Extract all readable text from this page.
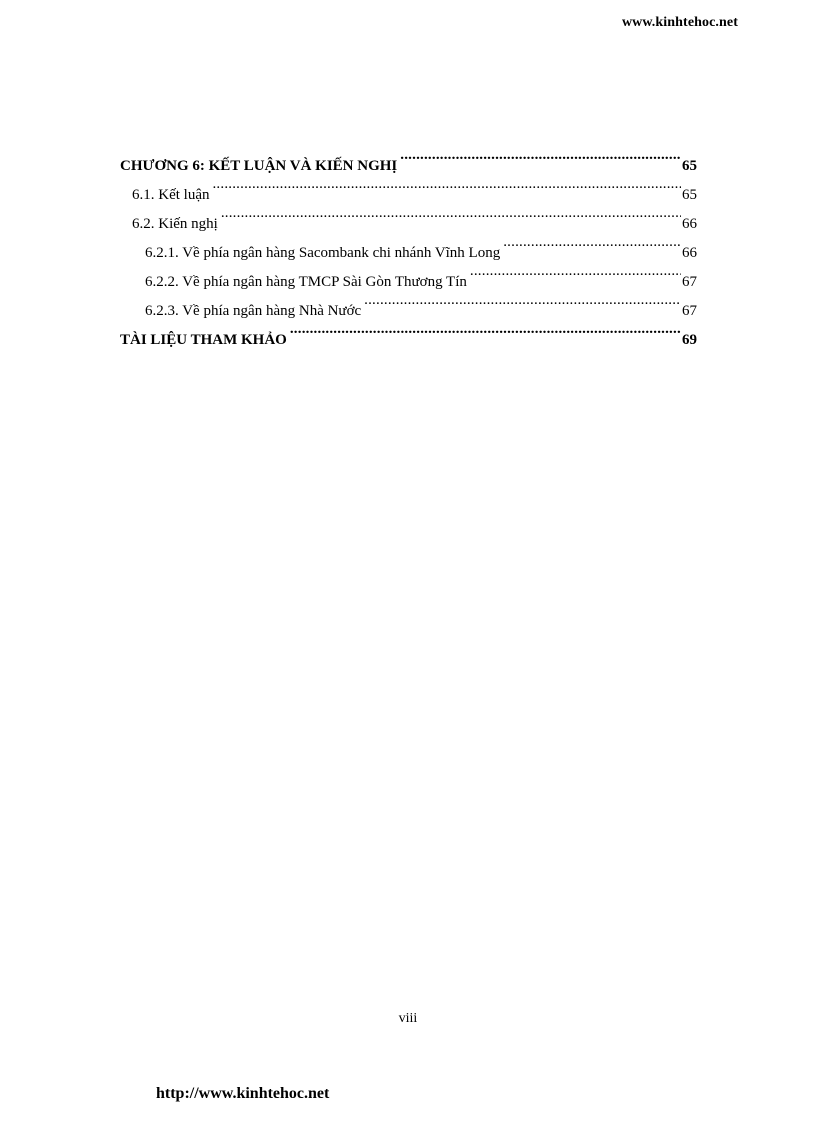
www.kinhtehoc.net
CHƯƠNG 6: KẾT LUẬN VÀ KIẾN NGHỊ .....	65
6.1. Kết luận .....	65
6.2. Kiến nghị .....	66
6.2.1. Về phía ngân hàng Sacombank chi nhánh Vĩnh Long .....	66
6.2.2. Về phía ngân hàng TMCP Sài Gòn Thương Tín .....	67
6.2.3. Về phía ngân hàng Nhà Nước .....	67
TÀI LIỆU THAM KHẢO .....	69
viii
http://www.kinhtehoc.net
